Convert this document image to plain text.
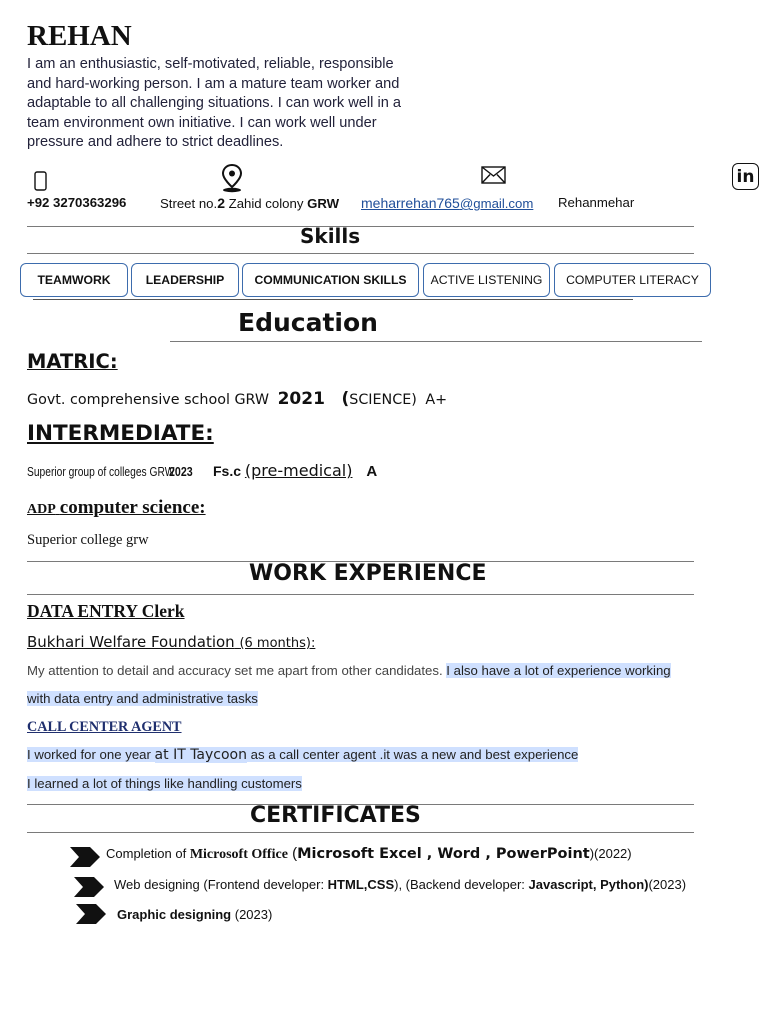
REHAN
I am an enthusiastic, self-motivated, reliable, responsible and hard-working person. I am a mature team worker and adaptable to all challenging situations. I can work well in a team environment own initiative. I can work well under pressure and adhere to strict deadlines.
in
+92 3270363296	Street no.2 Zahid colony GRW meharrehan765@gmail.com Rehanmehar
Skills
TEAMWORK	LEADERSHIP	COMMUNICATION SKILLS	ACTIVE LISTENING	COMPUTER LITERACY
Education
MATRIC:
Govt. comprehensive school GRW 2021 (SCIENCE) A+
INTERMEDIATE:
Superior group of colleges GRW2023 Fs.c (pre-medical) A
ADP computer science:
Superior college grw
WORK EXPERIENCE
DATA ENTRY Clerk
Bukhari Welfare Foundation (6 months):
My attention to detail and accuracy set me apart from other candidates. I also have a lot of experience working
with data entry and administrative tasks
CALL CENTER AGENT
I worked for one year at IT Taycoon as a call center agent .it was a new and best experience
I learned a lot of things like handling customers
CERTIFICATES
Completion of Microsoft Office (Microsoft Excel , Word , PowerPoint)(2022)
Web designing (Frontend developer: HTML,CSS), (Backend developer: Javascript, Python)(2023)
Graphic designing (2023)
